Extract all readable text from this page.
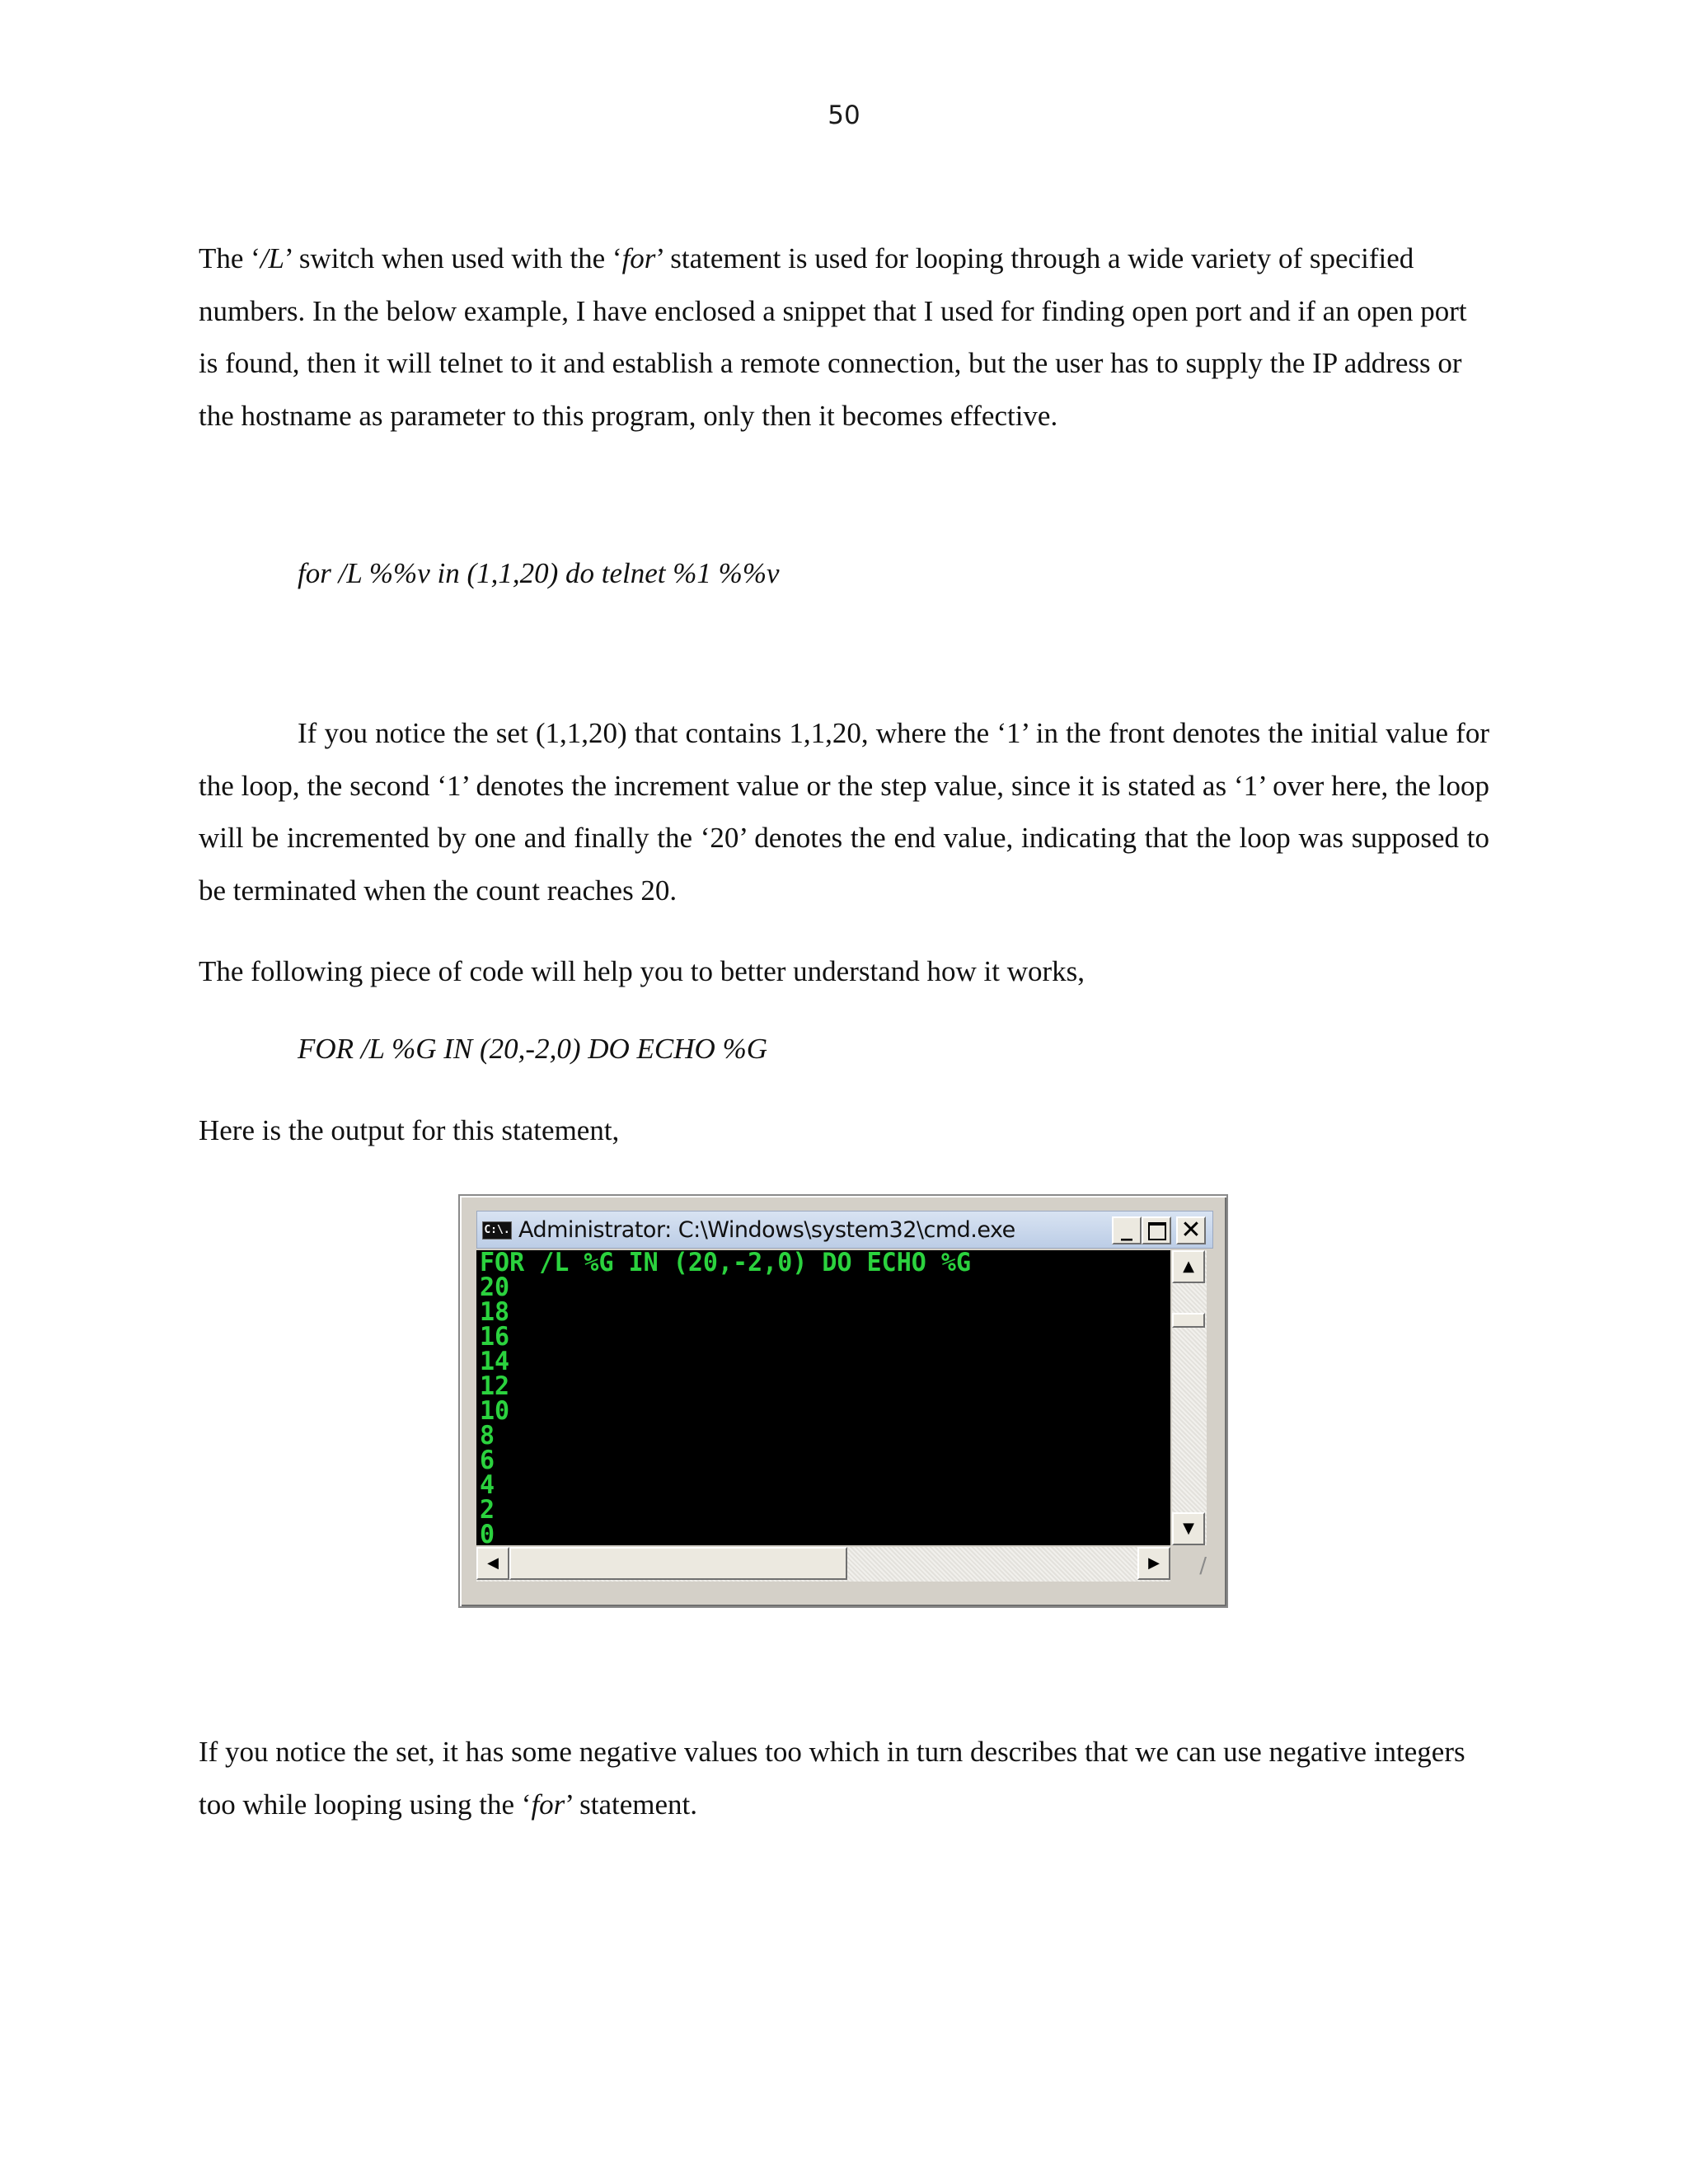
50

The ‘/L’ switch when used with the ‘for’ statement is used for looping through a wide variety of specified numbers. In the below example, I have enclosed a snippet that I used for finding open port and if an open port is found, then it will telnet to it and establish a remote connection, but the user has to supply the IP address or the hostname as parameter to this program, only then it becomes effective.

for /L %%v in (1,1,20) do telnet %1 %%v

If you notice the set (1,1,20) that contains 1,1,20, where the ‘1’ in the front denotes the initial value for the loop, the second ‘1’ denotes the increment value or the step value, since it is stated as ‘1’ over here, the loop will be incremented by one and finally the ‘20’ denotes the end value, indicating that the loop was supposed to be terminated when the count reaches 20.

The following piece of code will help you to better understand how it works,

FOR /L %G IN (20,-2,0) DO ECHO %G

Here is the output for this statement,

C:\. Administrator: C:\Windows\system32\cmd.exe	_	✕
FOR /L %G IN (20,-2,0) DO ECHO %G
20
18
16
14
12
10
8
6
4
2
0
▲
▼
◀	▶	∕

If you notice the set, it has some negative values too which in turn describes that we can use negative integers too while looping using the ‘for’ statement.
